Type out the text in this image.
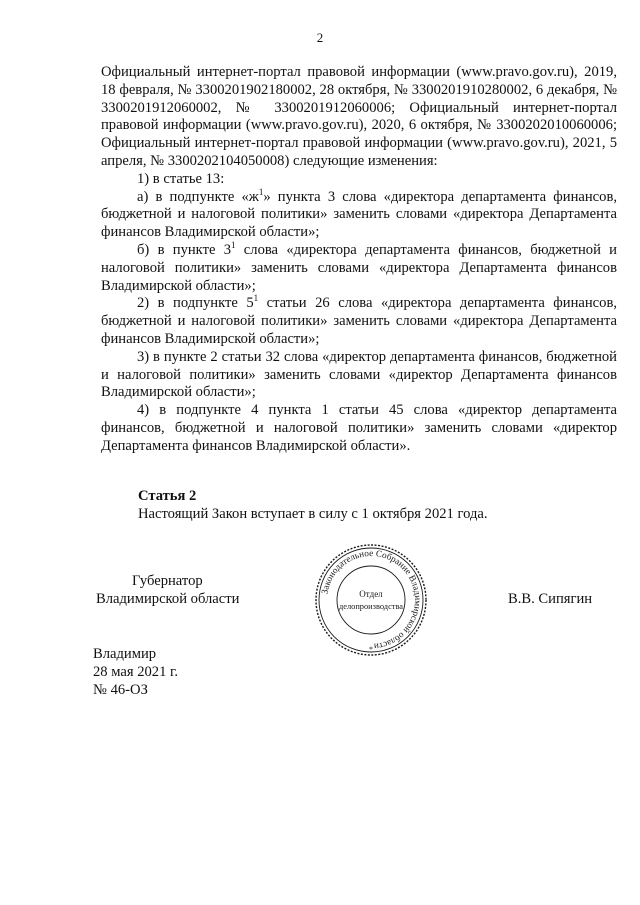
2

Официальный интернет-портал правовой информации (www.pravo.gov.ru), 2019, 18 февраля, № 3300201902180002, 28 октября, № 3300201910280002, 6 декабря, № 3300201912060002, № 3300201912060006; Официальный интернет-портал правовой информации (www.pravo.gov.ru), 2020, 6 октября, № 3300202010060006; Официальный интернет-портал правовой информации (www.pravo.gov.ru), 2021, 5 апреля, № 3300202104050008) следующие изменения:

1) в статье 13:

а) в подпункте «$ж^1$» пункта 3 слова «директора департамента финансов, бюджетной и налоговой политики» заменить словами «директора Департамента финансов Владимирской области»;

б) в пункте $3^1$ слова «директора департамента финансов, бюджетной и налоговой политики» заменить словами «директора Департамента финансов Владимирской области»;

2) в подпункте $5^1$ статьи 26 слова «директора департамента финансов, бюджетной и налоговой политики» заменить словами «директора Департамента финансов Владимирской области»;

3) в пункте 2 статьи 32 слова «директор департамента финансов, бюджетной и налоговой политики» заменить словами «директор Департамента финансов Владимирской области»;

4) в подпункте 4 пункта 1 статьи 45 слова «директор департамента финансов, бюджетной и налоговой политики» заменить словами «директор Департамента финансов Владимирской области».

Статья 2
Настоящий Закон вступает в силу с 1 октября 2021 года.
Губернатор
Владимирской области	В.В. Сипягин
Законодательное Собрание Владимирской области
Отдел
делопроизводства
*
Владимир
28 мая 2021 г.
№ 46-ОЗ
